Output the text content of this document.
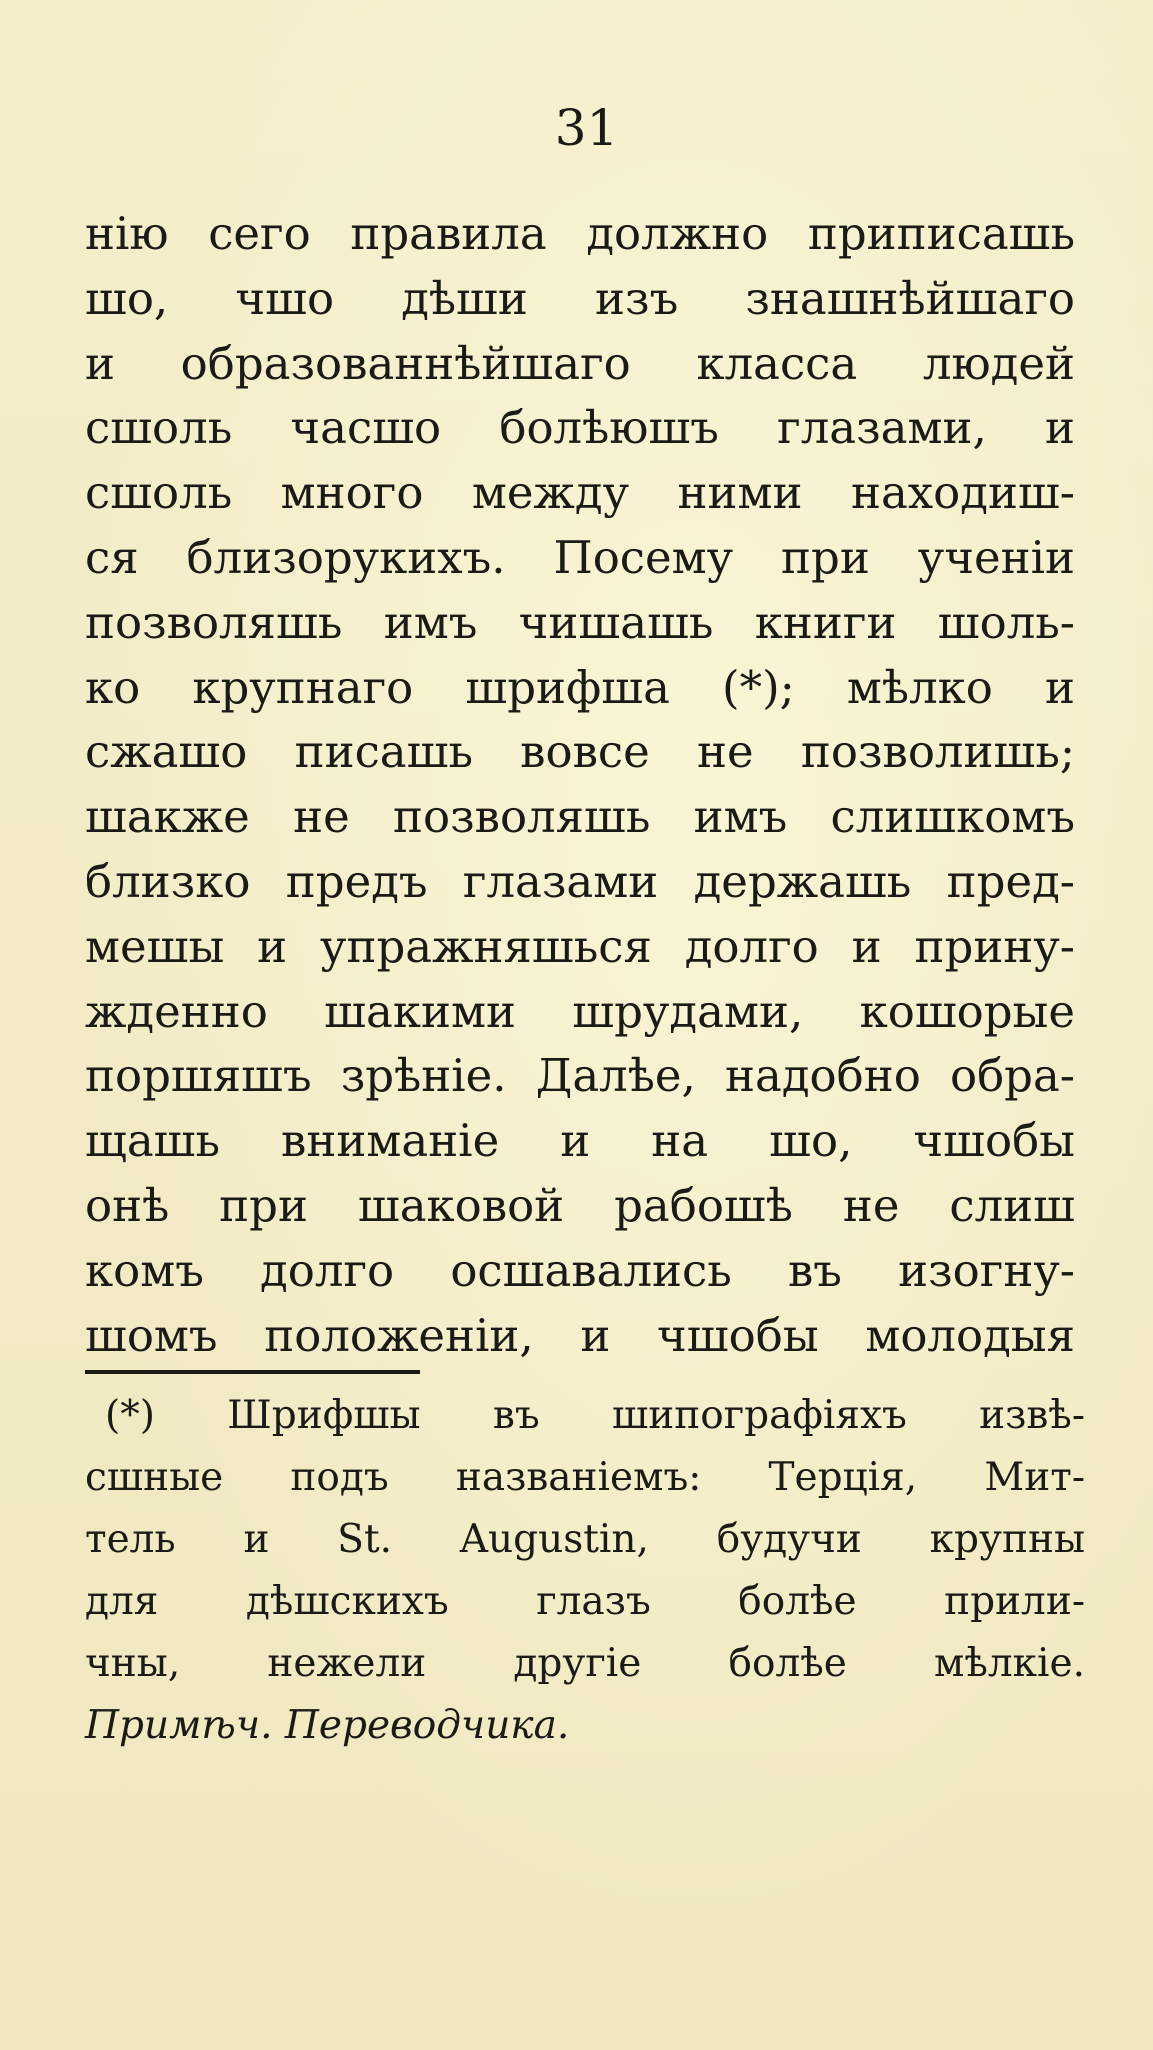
31
нію сего правила должно приписашь
шо, чшо дѣши изъ знашнѣйшаго
и образованнѣйшаго класса людей
сшоль часшо болѣюшъ глазами, и
сшоль много между ними находиш-
ся близорукихъ. Посему при ученіи
позволяшь имъ чишашь книги шоль-
ко крупнаго шрифша (*); мѣлко и
сжашо писашь вовсе не позволишь;
шакже не позволяшь имъ слишкомъ
близко предъ глазами держашь пред-
мешы и упражняшься долго и прину-
жденно шакими шрудами, кошорые
поршяшъ зрѣніе. Далѣе, надобно обра-
щашь вниманіе и на шо, чшобы
онѣ при шаковой рабошѣ не слиш
комъ долго осшавались въ изогну-
шомъ положеніи, и чшобы молодыя
(*) Шрифшы въ шипографіяхъ извѣ-
сшные подъ названіемъ: Терція, Мит-
тель и St. Augustin, будучи крупны
для дѣшскихъ глазъ болѣе прили-
чны, нежели другіе болѣе мѣлкіе.
Примѣч. Переводчика.
